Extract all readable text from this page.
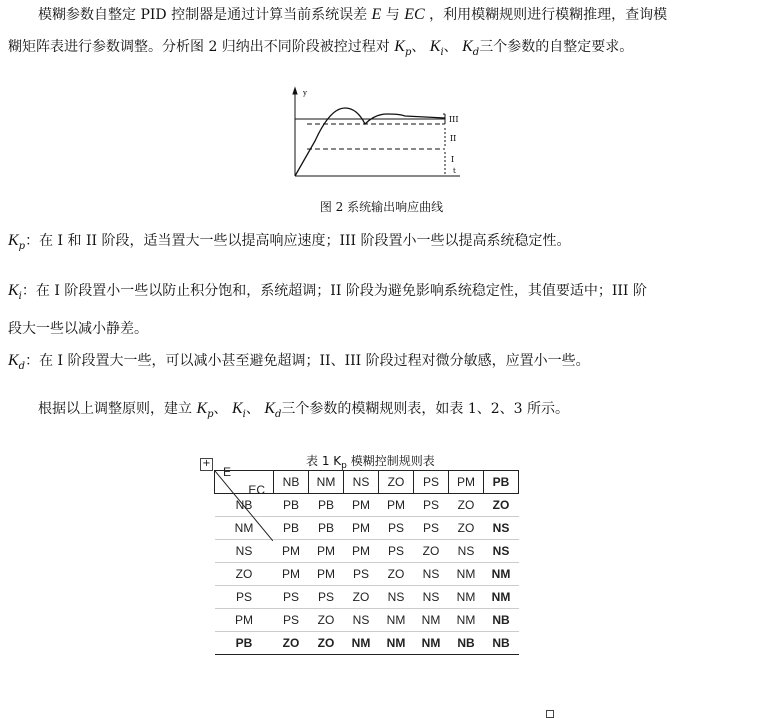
模糊参数自整定 PID 控制器是通过计算当前系统误差 E 与 EC ，利用模糊规则进行模糊推理，查询模
糊矩阵表进行参数调整。分析图 2 归纳出不同阶段被控过程对 $K_p$、 $K_i$、 $K_d$三个参数的自整定要求。
y
t
III
II
I
图 2 系统输出响应曲线
$K_p$：在 I 和 II 阶段，适当置大一些以提高响应速度；III 阶段置小一些以提高系统稳定性。
$K_i$：在 I 阶段置小一些以防止积分饱和，系统超调；II 阶段为避免影响系统稳定性，其值要适中；III 阶
段大一些以减小静差。
$K_d$：在 I 阶段置大一些，可以减小甚至避免超调；II、III 阶段过程对微分敏感，应置小一些。
根据以上调整原则，建立 $K_p$、 $K_i$、 $K_d$三个参数的模糊规则表，如表 1、2、3 所示。
+	表 1 $K_p$ 模糊控制规则表
EC
E	NB	NM	NS	ZO	PS	PM	PB
NB	PB	PB	PM	PM	PS	ZO	ZO
NM	PB	PB	PM	PS	PS	ZO	NS
NS	PM	PM	PM	PS	ZO	NS	NS
ZO	PM	PM	PS	ZO	NS	NM	NM
PS	PS	PS	ZO	NS	NS	NM	NM
PM	PS	ZO	NS	NM	NM	NM	NB
PB	ZO	ZO	NM	NM	NM	NB	NB
